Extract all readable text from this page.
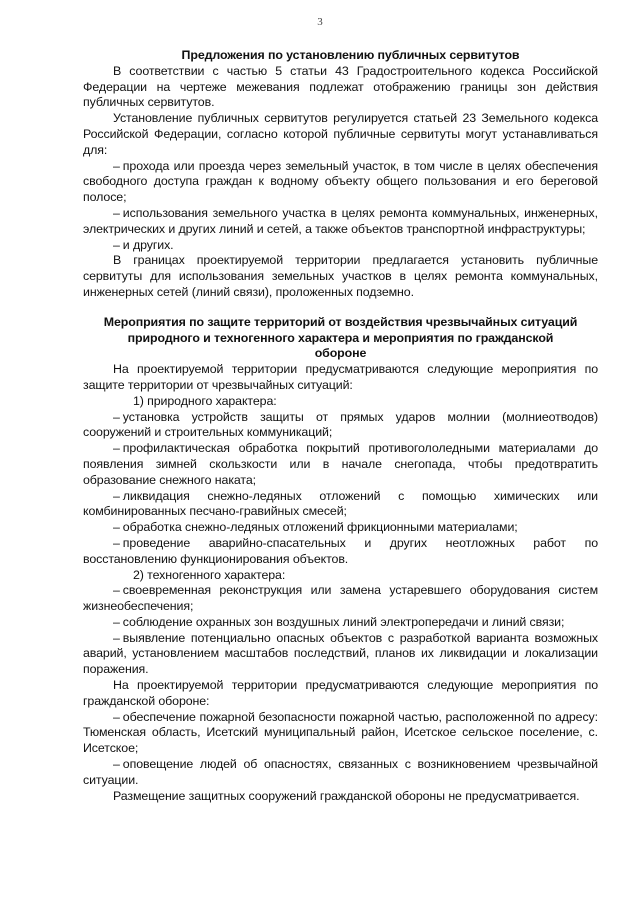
3
Предложения по установлению публичных сервитутов

В соответствии с частью 5 статьи 43 Градостроительного кодекса Российской Федерации на чертеже межевания подлежат отображению границы зон действия публичных сервитутов.

Установление публичных сервитутов регулируется статьей 23 Земельного кодекса Российской Федерации, согласно которой публичные сервитуты могут устанавливаться для:

– прохода или проезда через земельный участок, в том числе в целях обеспечения свободного доступа граждан к водному объекту общего пользования и его береговой полосе;

– использования земельного участка в целях ремонта коммунальных, инженерных, электрических и других линий и сетей, а также объектов транспортной инфраструктуры;

– и других.

В границах проектируемой территории предлагается установить публичные сервитуты для использования земельных участков в целях ремонта коммунальных, инженерных сетей (линий связи), проложенных подземно.

Мероприятия по защите территорий от воздействия чрезвычайных ситуаций природного и техногенного характера и мероприятия по гражданской обороне

На проектируемой территории предусматриваются следующие мероприятия по защите территории от чрезвычайных ситуаций:

1) природного характера:

– установка устройств защиты от прямых ударов молнии (молниеотводов) сооружений и строительных коммуникаций;

– профилактическая обработка покрытий противогололедными материалами до появления зимней скользкости или в начале снегопада, чтобы предотвратить образование снежного наката;

– ликвидация снежно-ледяных отложений с помощью химических или комбинированных песчано-гравийных смесей;

– обработка снежно-ледяных отложений фрикционными материалами;

– проведение аварийно-спасательных и других неотложных работ по восстановлению функционирования объектов.

2) техногенного характера:

– своевременная реконструкция или замена устаревшего оборудования систем жизнеобеспечения;

– соблюдение охранных зон воздушных линий электропередачи и линий связи;

– выявление потенциально опасных объектов с разработкой варианта возможных аварий, установлением масштабов последствий, планов их ликвидации и локализации поражения.

На проектируемой территории предусматриваются следующие мероприятия по гражданской обороне:

– обеспечение пожарной безопасности пожарной частью, расположенной по адресу: Тюменская область, Исетский муниципальный район, Исетское сельское поселение, с. Исетское;

– оповещение людей об опасностях, связанных с возникновением чрезвычайной ситуации.

Размещение защитных сооружений гражданской обороны не предусматривается.
